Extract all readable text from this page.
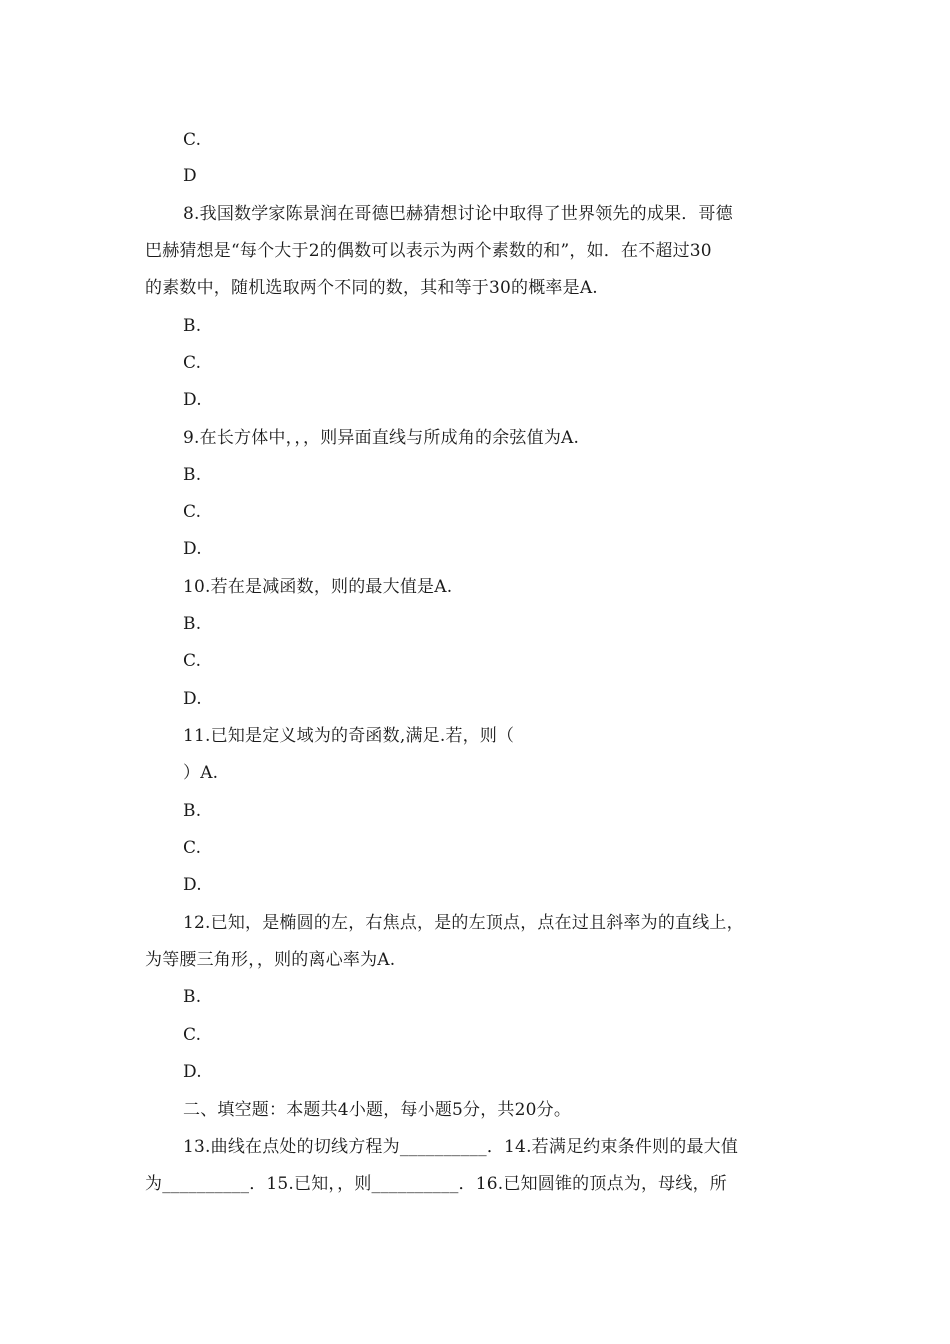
C.
D
8.我国数学家陈景润在哥德巴赫猜想讨论中取得了世界领先的成果．哥德
巴赫猜想是“每个大于2的偶数可以表示为两个素数的和”，如．在不超过30
的素数中，随机选取两个不同的数，其和等于30的概率是A.
B.
C.
D.
9.在长方体中，，，则异面直线与所成角的余弦值为A.
B.
C.
D.
10.若在是减函数，则的最大值是A.
B.
C.
D.
11.已知是定义域为的奇函数,满足.若，则（
）A.
B.
C.
D.
12.已知，是椭圆的左，右焦点，是的左顶点，点在过且斜率为的直线上，
为等腰三角形，，则的离心率为A.
B.
C.
D.
二、填空题：本题共4小题，每小题5分，共20分。
13.曲线在点处的切线方程为__________．14.若满足约束条件则的最大值
为__________．15.已知，，则__________．16.已知圆锥的顶点为，母线，所
